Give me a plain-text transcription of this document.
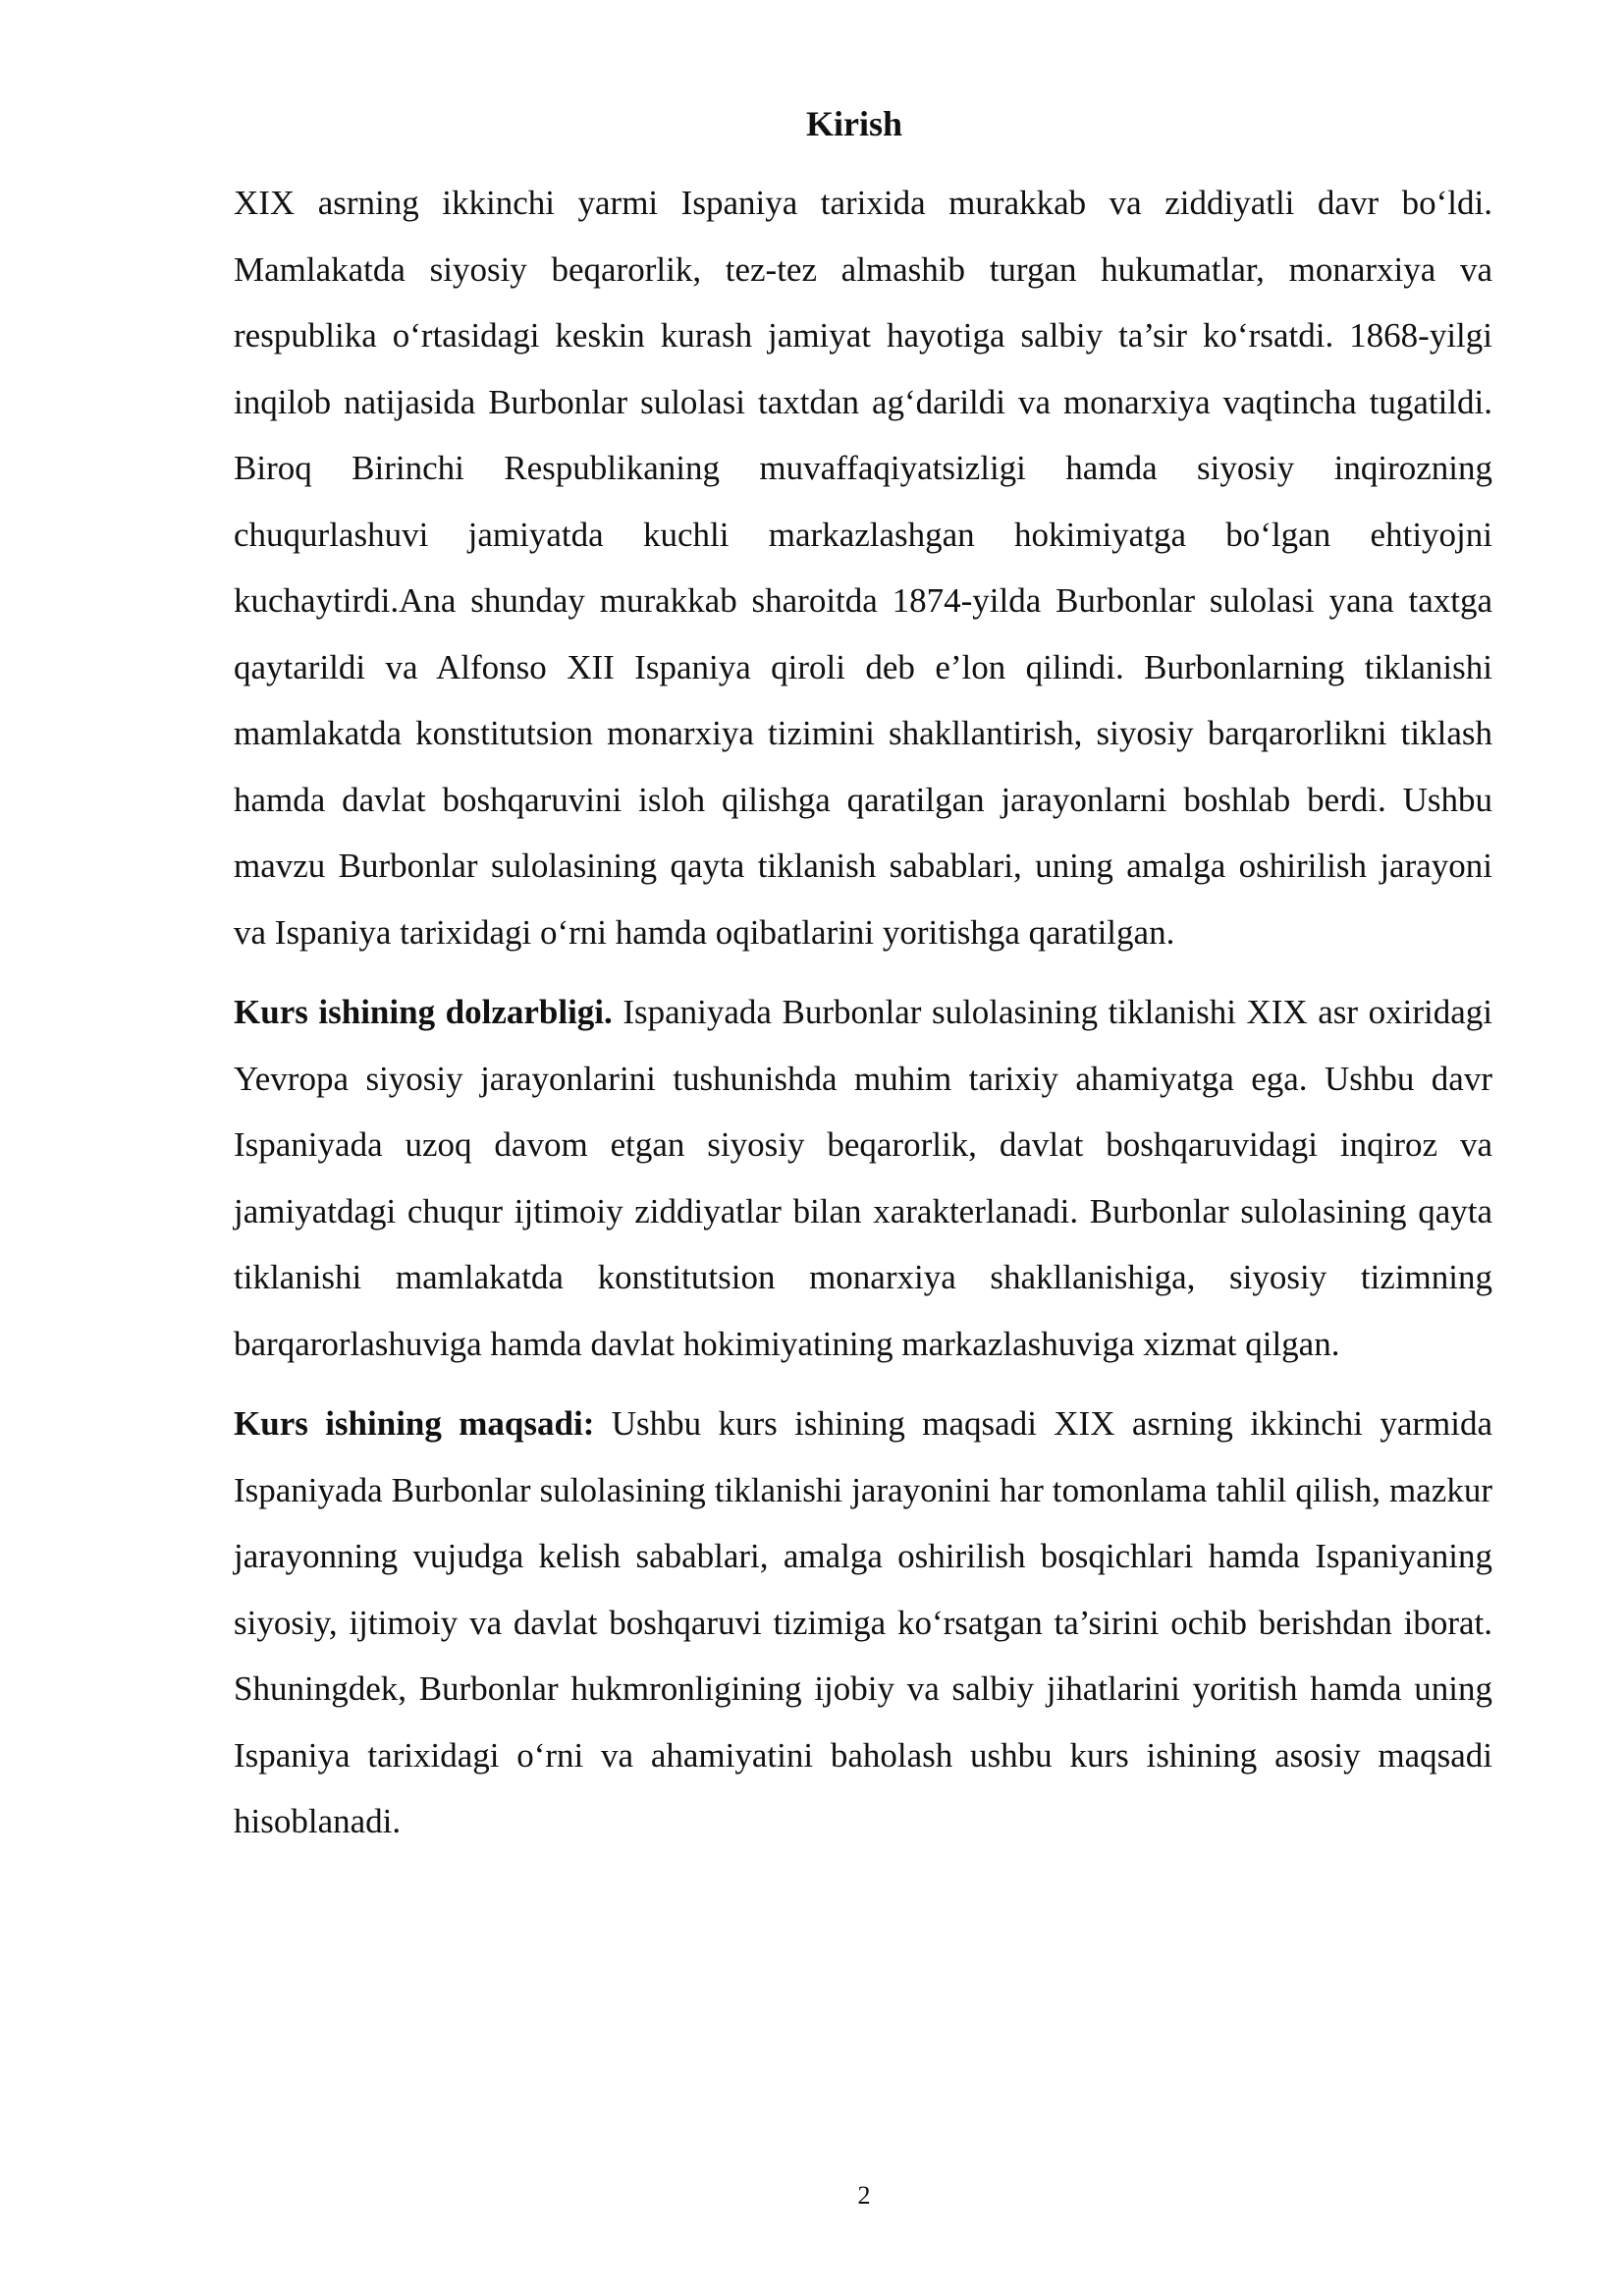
Kirish

XIX asrning ikkinchi yarmi Ispaniya tarixida murakkab va ziddiyatli davr bo‘ldi. Mamlakatda siyosiy beqarorlik, tez-tez almashib turgan hukumatlar, monarxiya va respublika o‘rtasidagi keskin kurash jamiyat hayotiga salbiy ta’sir ko‘rsatdi. 1868-yilgi inqilob natijasida Burbonlar sulolasi taxtdan ag‘darildi va monarxiya vaqtincha tugatildi. Biroq Birinchi Respublikaning muvaffaqiyatsizligi hamda siyosiy inqirozning chuqurlashuvi jamiyatda kuchli markazlashgan hokimiyatga bo‘lgan ehtiyojni kuchaytirdi.Ana shunday murakkab sharoitda 1874-yilda Burbonlar sulolasi yana taxtga qaytarildi va Alfonso XII Ispaniya qiroli deb e’lon qilindi. Burbonlarning tiklanishi mamlakatda konstitutsion monarxiya tizimini shakllantirish, siyosiy barqarorlikni tiklash hamda davlat boshqaruvini isloh qilishga qaratilgan jarayonlarni boshlab berdi. Ushbu mavzu Burbonlar sulolasining qayta tiklanish sabablari, uning amalga oshirilish jarayoni va Ispaniya tarixidagi o‘rni hamda oqibatlarini yoritishga qaratilgan.

Kurs ishining dolzarbligi. Ispaniyada Burbonlar sulolasining tiklanishi XIX asr oxiridagi Yevropa siyosiy jarayonlarini tushunishda muhim tarixiy ahamiyatga ega. Ushbu davr Ispaniyada uzoq davom etgan siyosiy beqarorlik, davlat boshqaruvidagi inqiroz va jamiyatdagi chuqur ijtimoiy ziddiyatlar bilan xarakterlanadi. Burbonlar sulolasining qayta tiklanishi mamlakatda konstitutsion monarxiya shakllanishiga, siyosiy tizimning barqarorlashuviga hamda davlat hokimiyatining markazlashuviga xizmat qilgan.

Kurs ishining maqsadi: Ushbu kurs ishining maqsadi XIX asrning ikkinchi yarmida Ispaniyada Burbonlar sulolasining tiklanishi jarayonini har tomonlama tahlil qilish, mazkur jarayonning vujudga kelish sabablari, amalga oshirilish bosqichlari hamda Ispaniyaning siyosiy, ijtimoiy va davlat boshqaruvi tizimiga ko‘rsatgan ta’sirini ochib berishdan iborat. Shuningdek, Burbonlar hukmronligining ijobiy va salbiy jihatlarini yoritish hamda uning Ispaniya tarixidagi o‘rni va ahamiyatini baholash ushbu kurs ishining asosiy maqsadi hisoblanadi.

2
